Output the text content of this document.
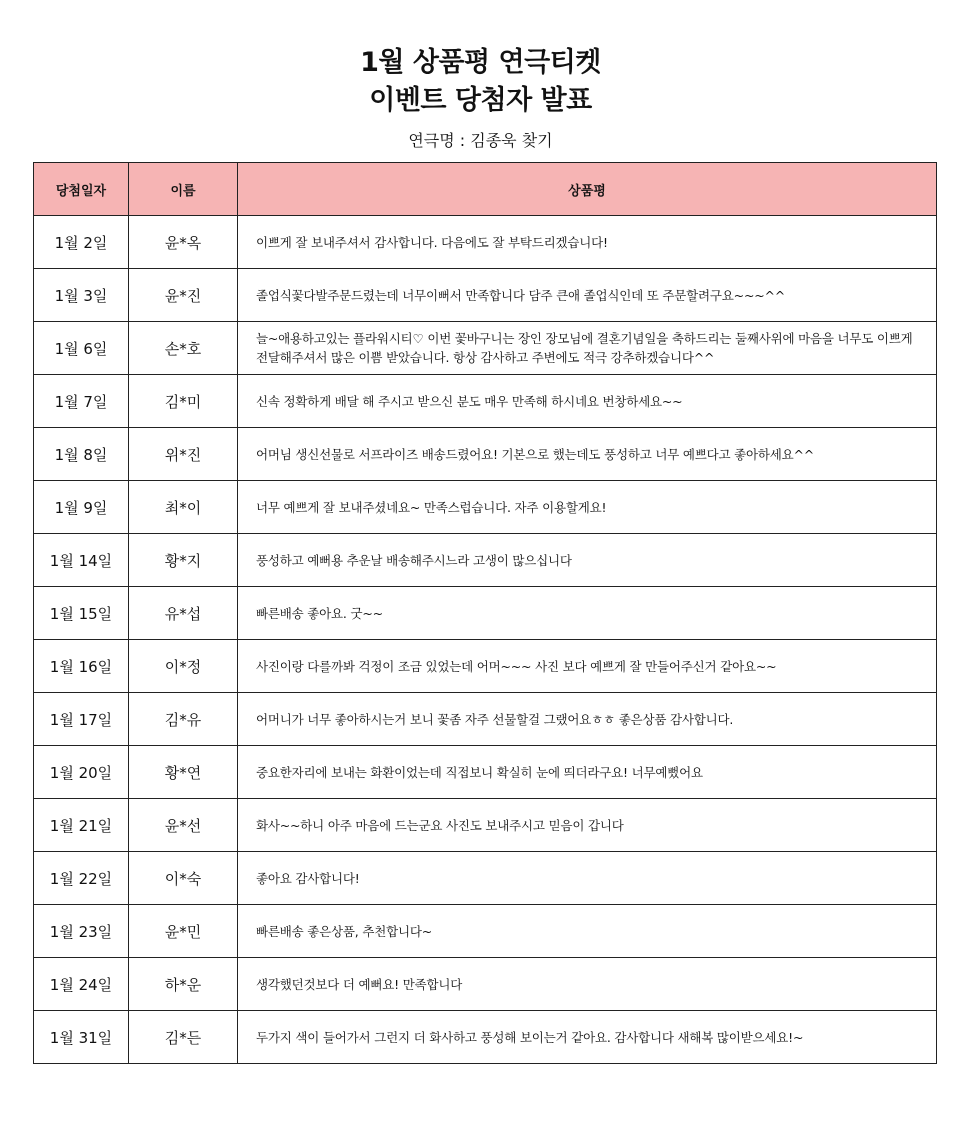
1월 상품평 연극티켓
이벤트 당첨자 발표
연극명 : 김종욱 찾기
당첨일자	이름	상품평
1월 2일	윤*옥	이쁘게 잘 보내주셔서 감사합니다. 다음에도 잘 부탁드리겠습니다!
1월 3일	윤*진	졸업식꽃다발주문드렸는데 너무이뻐서 만족합니다 담주 큰애 졸업식인데 또 주문할려구요~~~^^
1월 6일	손*호	늘~애용하고있는 플라워시티♡ 이번 꽃바구니는 장인 장모님에 결혼기념일을 축하드리는 둘째사위에 마음을 너무도 이쁘게 전달해주셔서 많은 이쁨 받았습니다. 항상 감사하고 주변에도 적극 강추하겠습니다^^
1월 7일	김*미	신속 정확하게 배달 해 주시고 받으신 분도 매우 만족해 하시네요 번창하세요~~
1월 8일	위*진	어머님 생신선물로 서프라이즈 배송드렸어요! 기본으로 했는데도 풍성하고 너무 예쁘다고 좋아하세요^^
1월 9일	최*이	너무 예쁘게 잘 보내주셨네요~ 만족스럽습니다. 자주 이용할게요!
1월 14일	황*지	풍성하고 예뻐용 추운날 배송해주시느라 고생이 많으십니다
1월 15일	유*섭	빠른배송 좋아요. 굿~~
1월 16일	이*정	사진이랑 다를까봐 걱정이 조금 있었는데 어머~~~ 사진 보다 예쁘게 잘 만들어주신거 같아요~~
1월 17일	김*유	어머니가 너무 좋아하시는거 보니 꽃좀 자주 선물할걸 그랬어요ㅎㅎ 좋은상품 감사합니다.
1월 20일	황*연	중요한자리에 보내는 화환이었는데 직접보니 확실히 눈에 띄더라구요! 너무예뻤어요
1월 21일	윤*선	화사~~하니 아주 마음에 드는군요 사진도 보내주시고 믿음이 갑니다
1월 22일	이*숙	좋아요 감사합니다!
1월 23일	윤*민	빠른배송 좋은상품, 추천합니다~
1월 24일	하*운	생각했던것보다 더 예뻐요! 만족합니다
1월 31일	김*든	두가지 색이 들어가서 그런지 더 화사하고 풍성해 보이는거 같아요. 감사합니다 새해복 많이받으세요!~
